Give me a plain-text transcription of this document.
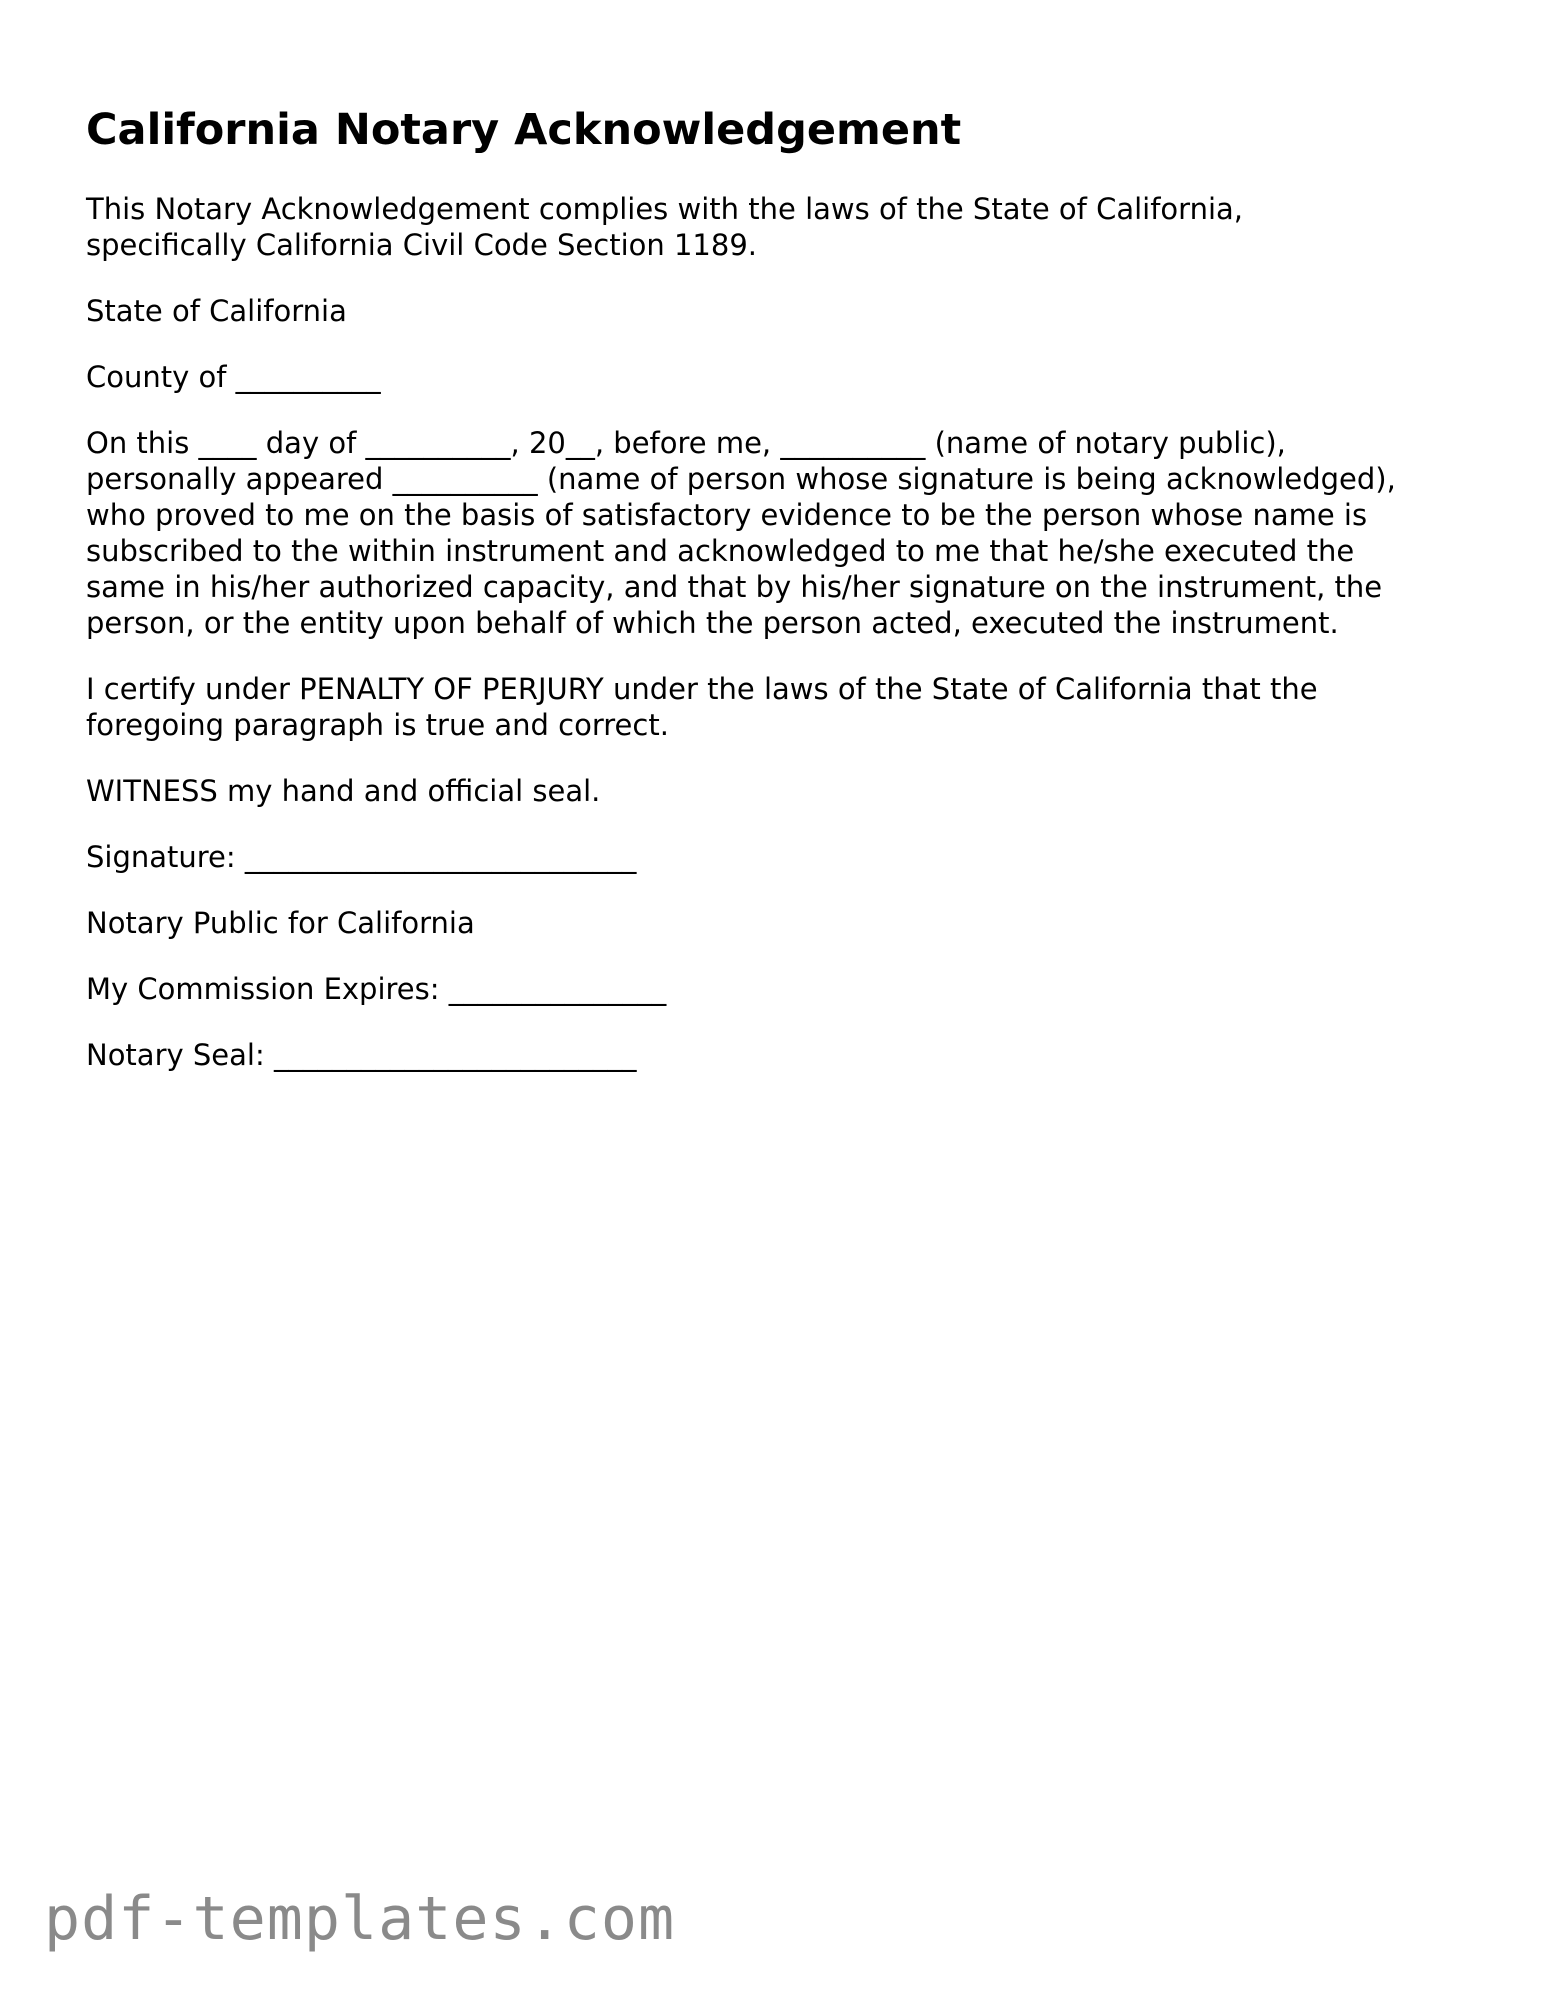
California Notary Acknowledgement
This Notary Acknowledgement complies with the laws of the State of California,
specifically California Civil Code Section 1189.
State of California
County of __________
On this ____ day of __________, 20__, before me, __________ (name of notary public),
personally appeared __________ (name of person whose signature is being acknowledged),
who proved to me on the basis of satisfactory evidence to be the person whose name is
subscribed to the within instrument and acknowledged to me that he/she executed the
same in his/her authorized capacity, and that by his/her signature on the instrument, the
person, or the entity upon behalf of which the person acted, executed the instrument.
I certify under PENALTY OF PERJURY under the laws of the State of California that the
foregoing paragraph is true and correct.
WITNESS my hand and official seal.
Signature: ___________________________
Notary Public for California
My Commission Expires: _______________
Notary Seal: _________________________
pdf-templates.com
